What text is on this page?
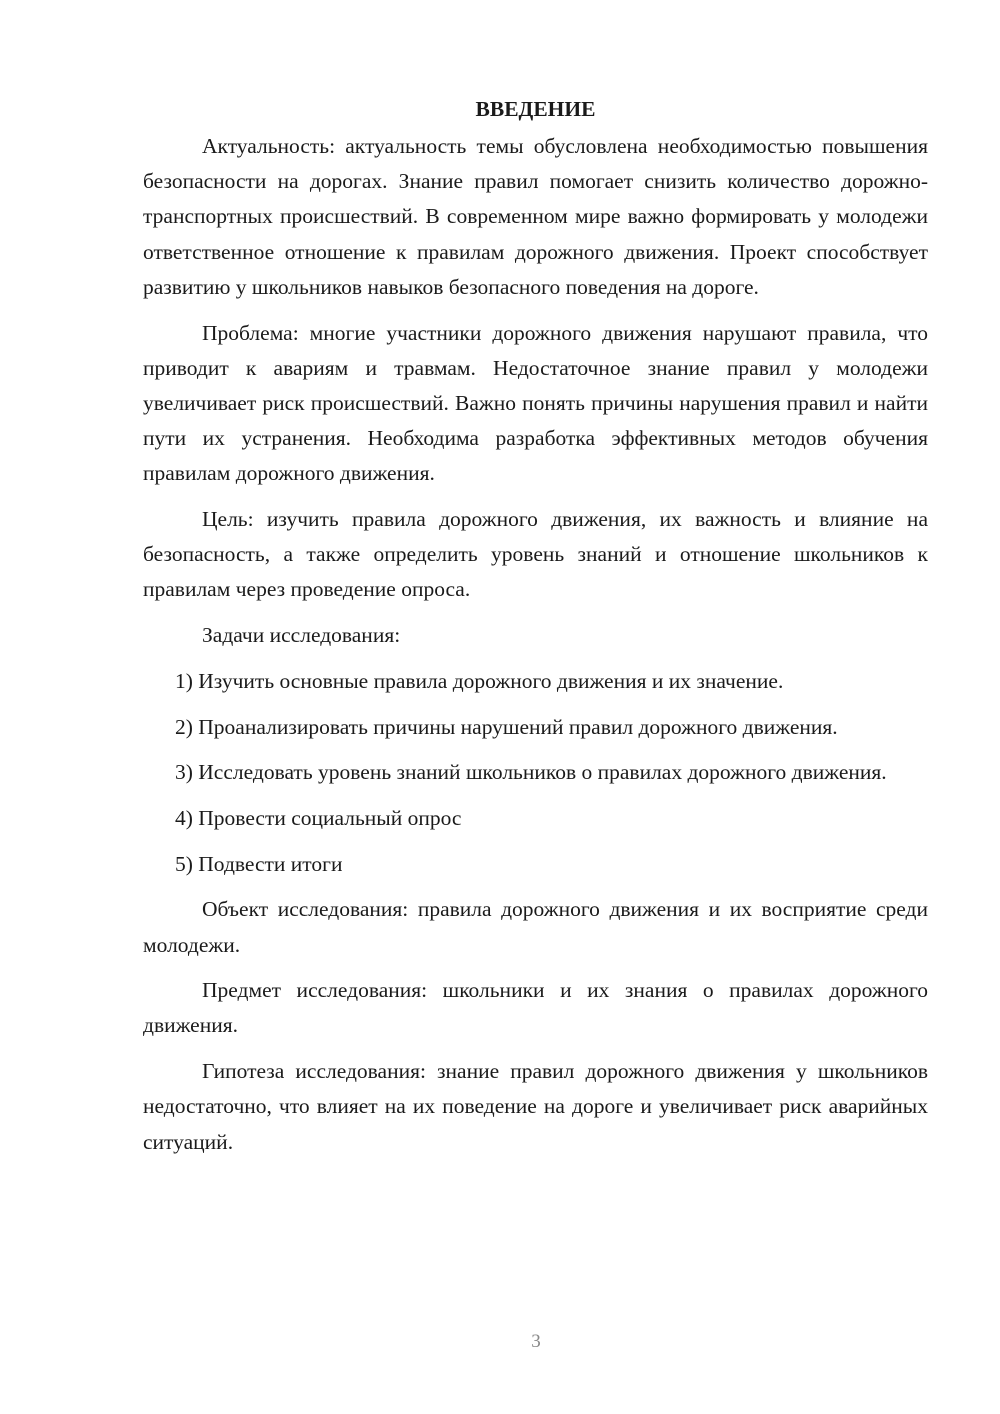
ВВЕДЕНИЕ

Актуальность: актуальность темы обусловлена необходимостью повышения безопасности на дорогах. Знание правил помогает снизить количество дорожно-транспортных происшествий. В современном мире важно формировать у молодежи ответственное отношение к правилам дорожного движения. Проект способствует развитию у школьников навыков безопасного поведения на дороге.

Проблема: многие участники дорожного движения нарушают правила, что приводит к авариям и травмам. Недостаточное знание правил у молодежи увеличивает риск происшествий. Важно понять причины нарушения правил и найти пути их устранения. Необходима разработка эффективных методов обучения правилам дорожного движения.

Цель: изучить правила дорожного движения, их важность и влияние на безопасность, а также определить уровень знаний и отношение школьников к правилам через проведение опроса.

Задачи исследования:

1) Изучить основные правила дорожного движения и их значение.

2) Проанализировать причины нарушений правил дорожного движения.

3) Исследовать уровень знаний школьников о правилах дорожного движения.

4) Провести социальный опрос

5) Подвести итоги

Объект исследования: правила дорожного движения и их восприятие среди молодежи.

Предмет исследования: школьники и их знания о правилах дорожного движения.

Гипотеза исследования: знание правил дорожного движения у школьников недостаточно, что влияет на их поведение на дороге и увеличивает риск аварийных ситуаций.

3
